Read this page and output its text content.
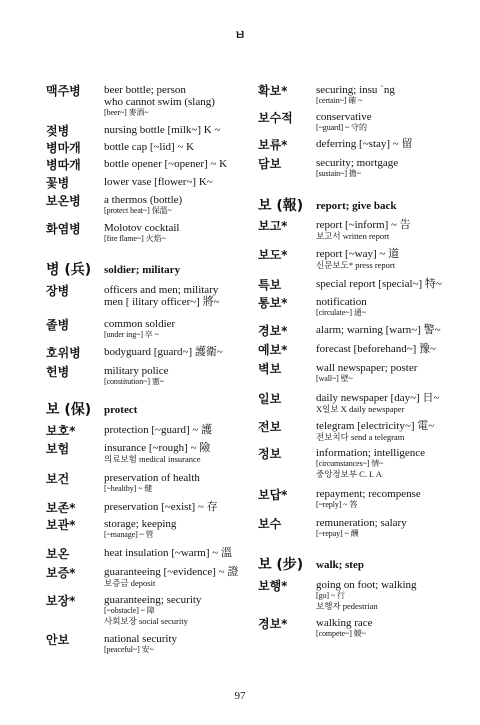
ㅂ
맥주병 beer bottle; person
who cannot swim (slang)
[beer~] 麥酒~
젖병	nursing bottle [milk~] K ~
병마개 bottle cap [~lid] ~ K
병따개 bottle opener [~opener] ~ K
꽃병	lower vase [flower~] K~
보온병 a thermos (bottle)
[protect heat~] 保溫~
화염병 Molotov cocktail
[fire flame~] 火焰~
병 (兵) soldier; military
장병	officers and men; military
men [ ilitary officer~] 將~
졸병	common soldier
[under ing~] 卒 ~
호위병 bodyguard [guard~] 護衛~
헌병	military police
[constitution~] 憲~
보 (保) protect
보호*	protection [~guard] ~ 護
보험	insurance [~rough] ~ 險
의료보험 medical insurance
보건	preservation of health
[~healthy] ~ 健
보존*	preservation [~exist] ~ 存
보관*	storage; keeping
[~manage] ~ 管
보온	heat insulation [~warm] ~ 溫
보증*	guaranteeing [~evidence] ~ 證
보증금 deposit
보장*	guaranteeing; security
[~obstacle] ~ 障
사회보장 social security
안보	national security
[peaceful~] 安~
확보*	securing; insu `ng
[certain~] 確 ~
보수적 conservative
[~guard] ~ 守的
보류*	deferring [~stay] ~ 留
담보	security; mortgage
[sustain~] 擔~
보 (報) report; give back
보고*	report [~inform] ~ 告
보고서 written report
보도*	report [~way] ~ 道
신문보도* press report
특보	special report [special~] 特~
통보*	notification
[circulate~] 通~
경보*	alarm; warning [warn~] 警~
예보*	forecast [beforehand~] 豫~
벽보	wall newspaper; poster
[wall~] 壁~
일보	daily newspaper [day~] 日~
X일보 X daily newspaper
전보	telegram [electricity~] 電~
전보치다 send a telegram
정보	information; intelligence
[circumstances~] 情~
중앙정보부 C. I. A
보답*	repayment; recompense
[~reply] ~ 答
보수	remuneration; salary
[~repay] ~ 酬
보 (步) walk; step
보행*	going on foot; walking
[go] ~ 行
보행자 pedestrian
경보*	walking race
[compete~] 競~
97
